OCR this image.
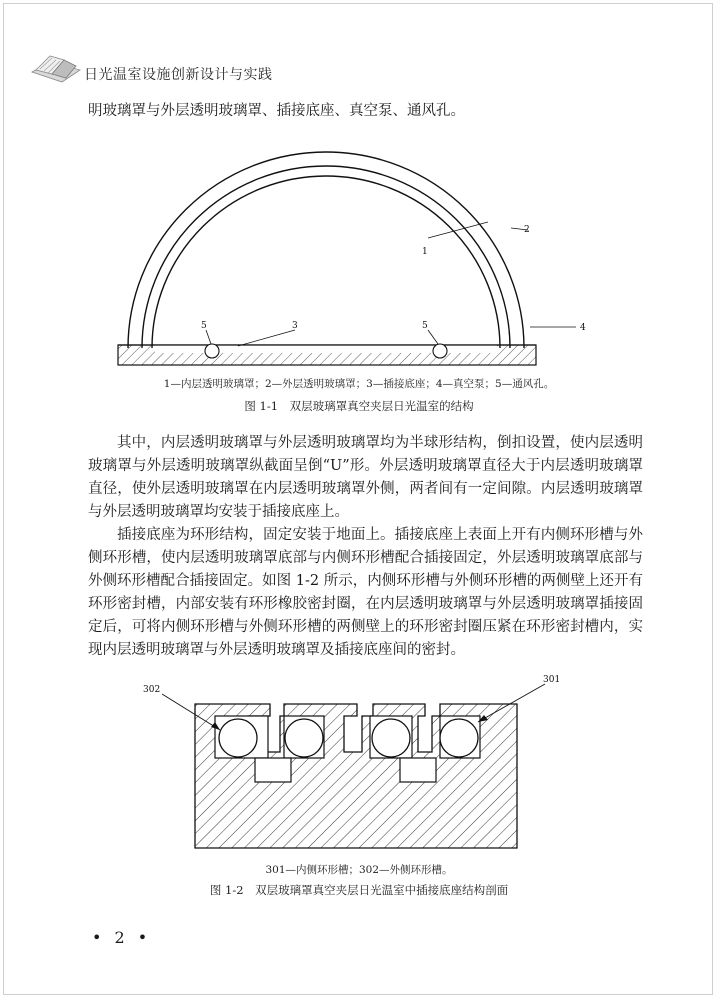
日光温室设施创新设计与实践

明玻璃罩与外层透明玻璃罩、插接底座、真空泵、通风孔。

1
2
3	4
5	5
1—内层透明玻璃罩；2—外层透明玻璃罩；3—插接底座；4—真空泵；5—通风孔。
图 1-1　双层玻璃罩真空夹层日光温室的结构

其中，内层透明玻璃罩与外层透明玻璃罩均为半球形结构，倒扣设置，使内层透明玻璃罩与外层透明玻璃罩纵截面呈倒“U”形。外层透明玻璃罩直径大于内层透明玻璃罩直径，使外层透明玻璃罩在内层透明玻璃罩外侧，两者间有一定间隙。内层透明玻璃罩与外层透明玻璃罩均安装于插接底座上。

插接底座为环形结构，固定安装于地面上。插接底座上表面上开有内侧环形槽与外侧环形槽，使内层透明玻璃罩底部与内侧环形槽配合插接固定，外层透明玻璃罩底部与外侧环形槽配合插接固定。如图 1-2 所示，内侧环形槽与外侧环形槽的两侧壁上还开有环形密封槽，内部安装有环形橡胶密封圈，在内层透明玻璃罩与外层透明玻璃罩插接固定后，可将内侧环形槽与外侧环形槽的两侧壁上的环形密封圈压紧在环形密封槽内，实现内层透明玻璃罩与外层透明玻璃罩及插接底座间的密封。

302
301
301—内侧环形槽；302—外侧环形槽。
图 1-2　双层玻璃罩真空夹层日光温室中插接底座结构剖面
• 2 •
